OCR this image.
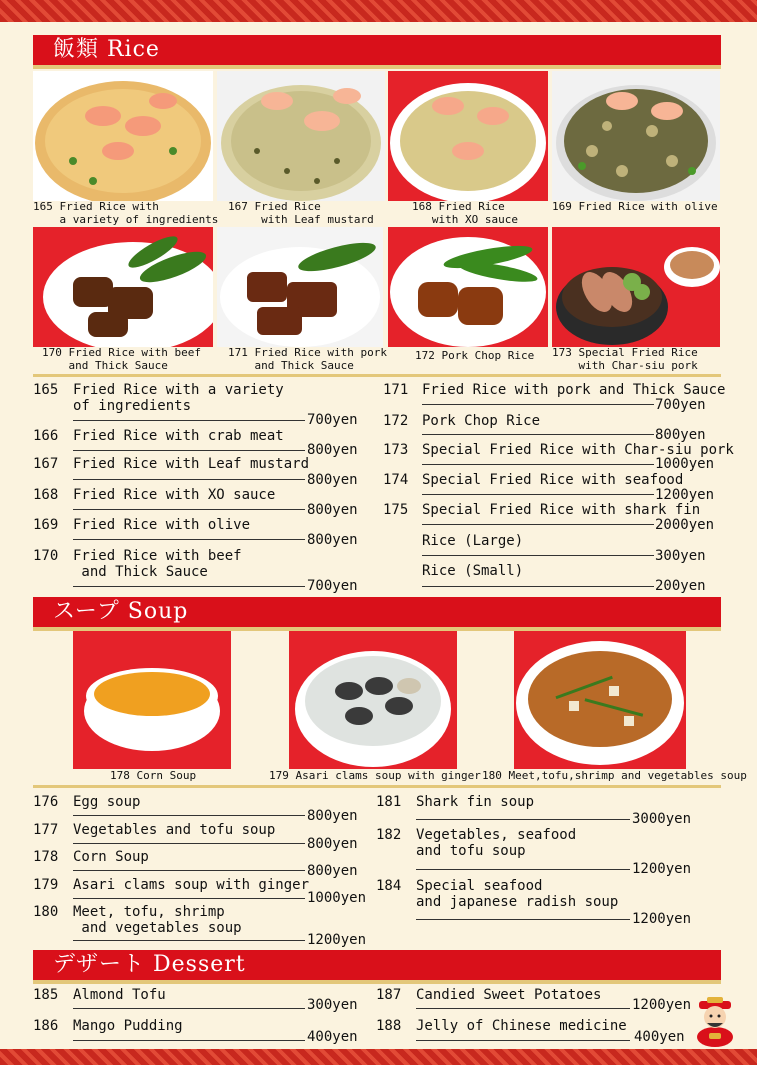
飯類 Rice
165 Fried Rice with
a variety of ingredients
167 Fried Rice
with Leaf mustard
168 Fried Rice
with XO sauce
169 Fried Rice with olive
170 Fried Rice with beef
and Thick Sauce
171 Fried Rice with pork
and Thick Sauce
172 Pork Chop Rice 173 Special Fried Rice
with Char-siu pork
165 Fried Rice with a variety
of ingredients
700yen
166 Fried Rice with crab meat
800yen
167 Fried Rice with Leaf mustard
800yen
168 Fried Rice with XO sauce
800yen
169 Fried Rice with olive
800yen
170 Fried Rice with beef
and Thick Sauce
700yen
171 Fried Rice with pork and Thick Sauce
700yen
172 Pork Chop Rice
800yen
173 Special Fried Rice with Char-siu pork
1000yen
174 Special Fried Rice with seafood
1200yen
175 Special Fried Rice with shark fin
2000yen
Rice (Large)
300yen
Rice (Small)
200yen
スープ Soup
178 Corn Soup	179 Asari clams soup with ginger 180 Meet,tofu,shrimp and vegetables soup
176 Egg soup
800yen
177 Vegetables and tofu soup
800yen
178 Corn Soup
800yen
179 Asari clams soup with ginger
1000yen
180 Meet, tofu, shrimp
and vegetables soup
1200yen
181 Shark fin soup
3000yen
182 Vegetables, seafood
and tofu soup
1200yen
184 Special seafood
and japanese radish soup
1200yen
デザート Dessert
185 Almond Tofu
300yen
186 Mango Pudding
400yen
187 Candied Sweet Potatoes
1200yen
188 Jelly of Chinese medicine
400yen
